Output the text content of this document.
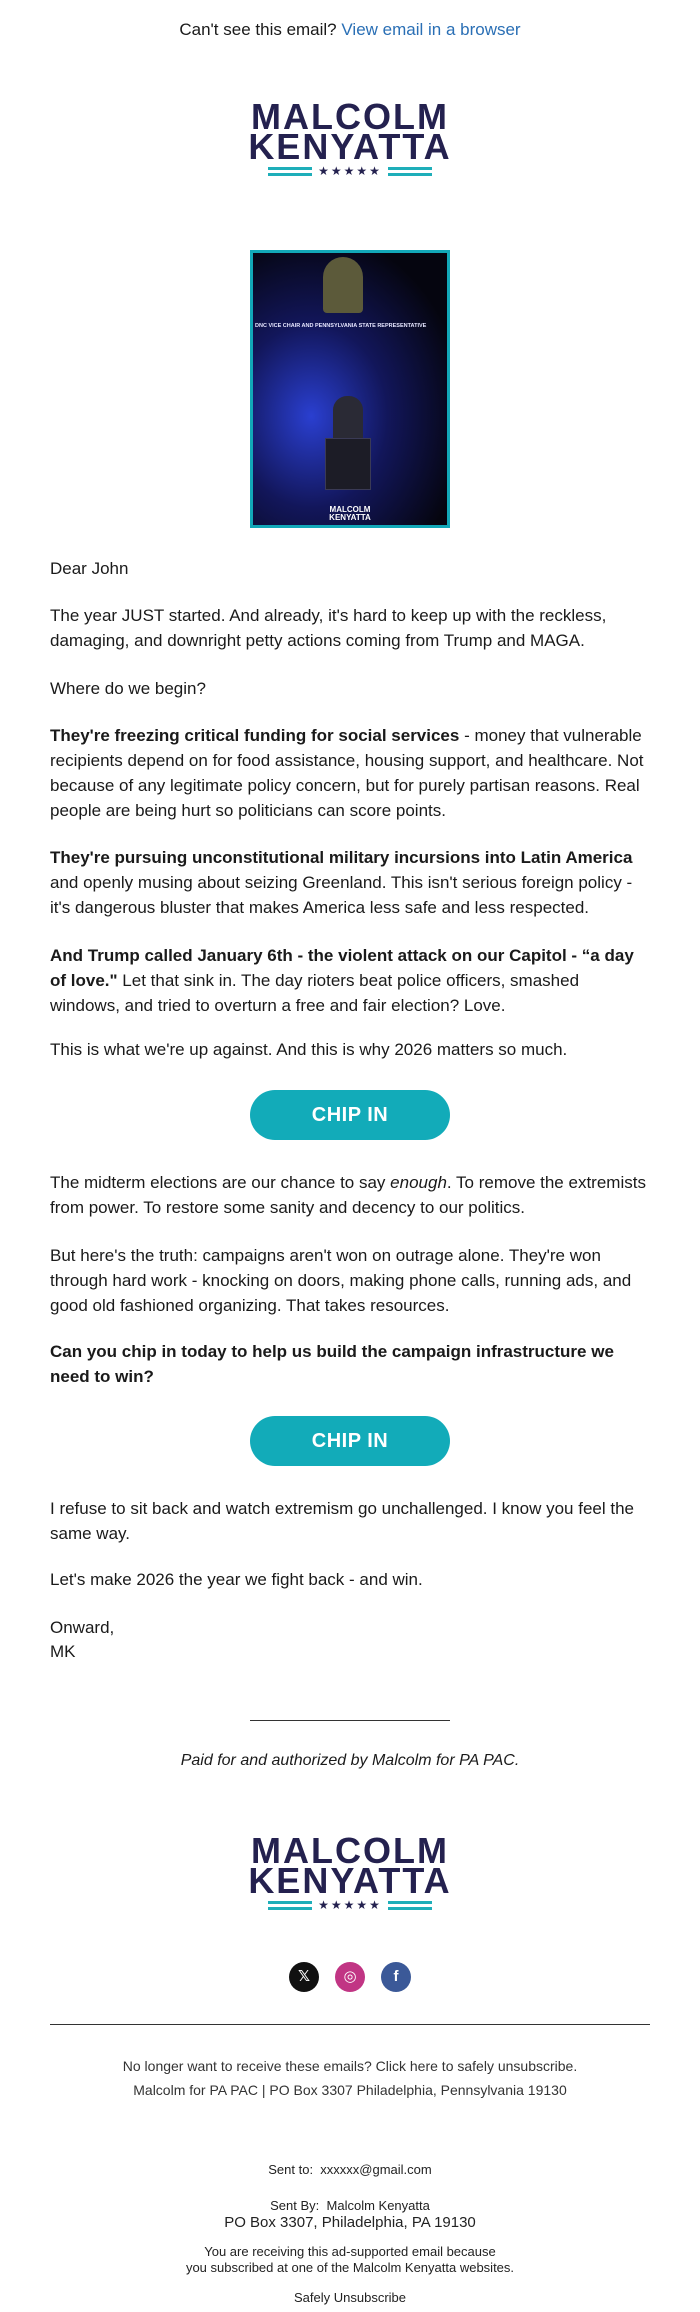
Can't see this email? View email in a browser
MALCOLM
KENYATTA
★★★★★
DNC VICE CHAIR AND PENNSYLVANIA STATE REPRESENTATIVE
MALCOLM
KENYATTA
Dear John
The year JUST started. And already, it's hard to keep up with the reckless, damaging, and downright petty actions coming from Trump and MAGA.
Where do we begin?
They're freezing critical funding for social services - money that vulnerable recipients depend on for food assistance, housing support, and healthcare. Not because of any legitimate policy concern, but for purely partisan reasons. Real people are being hurt so politicians can score points.
They're pursuing unconstitutional military incursions into Latin America and openly musing about seizing Greenland. This isn't serious foreign policy - it's dangerous bluster that makes America less safe and less respected.
And Trump called January 6th - the violent attack on our Capitol - “a day of love." Let that sink in. The day rioters beat police officers, smashed windows, and tried to overturn a free and fair election? Love.
This is what we're up against. And this is why 2026 matters so much.
CHIP IN
The midterm elections are our chance to say enough. To remove the extremists from power. To restore some sanity and decency to our politics.
But here's the truth: campaigns aren't won on outrage alone. They're won through hard work - knocking on doors, making phone calls, running ads, and good old fashioned organizing. That takes resources.
Can you chip in today to help us build the campaign infrastructure we need to win?
CHIP IN
I refuse to sit back and watch extremism go unchallenged. I know you feel the same way.
Let's make 2026 the year we fight back - and win.
Onward,
MK
Paid for and authorized by Malcolm for PA PAC.
MALCOLM
KENYATTA
★★★★★
𝕏	◎	f
No longer want to receive these emails? Click here to safely unsubscribe.
Malcolm for PA PAC | PO Box 3307 Philadelphia, Pennsylvania 19130
Sent to: xxxxxx@gmail.com
Sent By: Malcolm Kenyatta
PO Box 3307, Philadelphia, PA 19130
You are receiving this ad-supported email because
you subscribed at one of the Malcolm Kenyatta websites.
Safely Unsubscribe
